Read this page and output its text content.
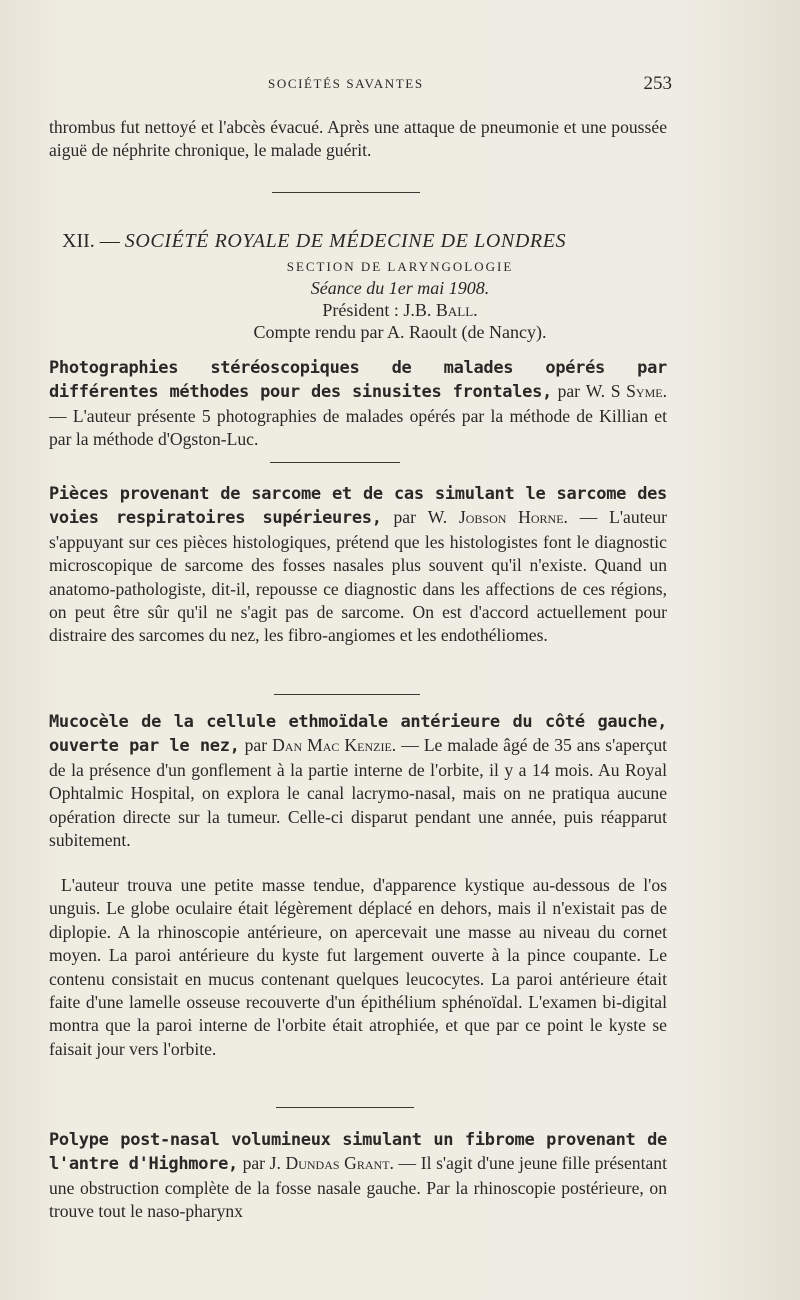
SOCIÉTÉS SAVANTES	253
thrombus fut nettoyé et l'abcès évacué. Après une attaque de pneumonie et une poussée aiguë de néphrite chronique, le malade guérit.
XII. — SOCIÉTÉ ROYALE DE MÉDECINE DE LONDRES
SECTION DE LARYNGOLOGIE
Séance du 1er mai 1908.
Président : J.B. Ball.
Compte rendu par A. Raoult (de Nancy).
Photographies stéréoscopiques de malades opérés par différentes méthodes pour des sinusites frontales, par W. S Syme. — L'auteur présente 5 photographies de malades opérés par la méthode de Killian et par la méthode d'Ogston-Luc.
Pièces provenant de sarcome et de cas simulant le sarcome des voies respiratoires supérieures, par W. Jobson Horne. — L'auteur s'appuyant sur ces pièces histologiques, prétend que les histologistes font le diagnostic microscopique de sarcome des fosses nasales plus souvent qu'il n'existe. Quand un anatomo-pathologiste, dit-il, repousse ce diagnostic dans les affections de ces régions, on peut être sûr qu'il ne s'agit pas de sarcome. On est d'accord actuellement pour distraire des sarcomes du nez, les fibro-angiomes et les endothéliomes.
Mucocèle de la cellule ethmoïdale antérieure du côté gauche, ouverte par le nez, par Dan Mac Kenzie. — Le malade âgé de 35 ans s'aperçut de la présence d'un gonflement à la partie interne de l'orbite, il y a 14 mois. Au Royal Ophtalmic Hospital, on explora le canal lacrymo-nasal, mais on ne pratiqua aucune opération directe sur la tumeur. Celle-ci disparut pendant une année, puis réapparut subitement.
L'auteur trouva une petite masse tendue, d'apparence kystique au-dessous de l'os unguis. Le globe oculaire était légèrement déplacé en dehors, mais il n'existait pas de diplopie. A la rhinoscopie antérieure, on apercevait une masse au niveau du cornet moyen. La paroi antérieure du kyste fut largement ouverte à la pince coupante. Le contenu consistait en mucus contenant quelques leucocytes. La paroi antérieure était faite d'une lamelle osseuse recouverte d'un épithélium sphénoïdal. L'examen bi-digital montra que la paroi interne de l'orbite était atrophiée, et que par ce point le kyste se faisait jour vers l'orbite.
Polype post-nasal volumineux simulant un fibrome provenant de l'antre d'Highmore, par J. Dundas Grant. — Il s'agit d'une jeune fille présentant une obstruction complète de la fosse nasale gauche. Par la rhinoscopie postérieure, on trouve tout le naso-pharynx
